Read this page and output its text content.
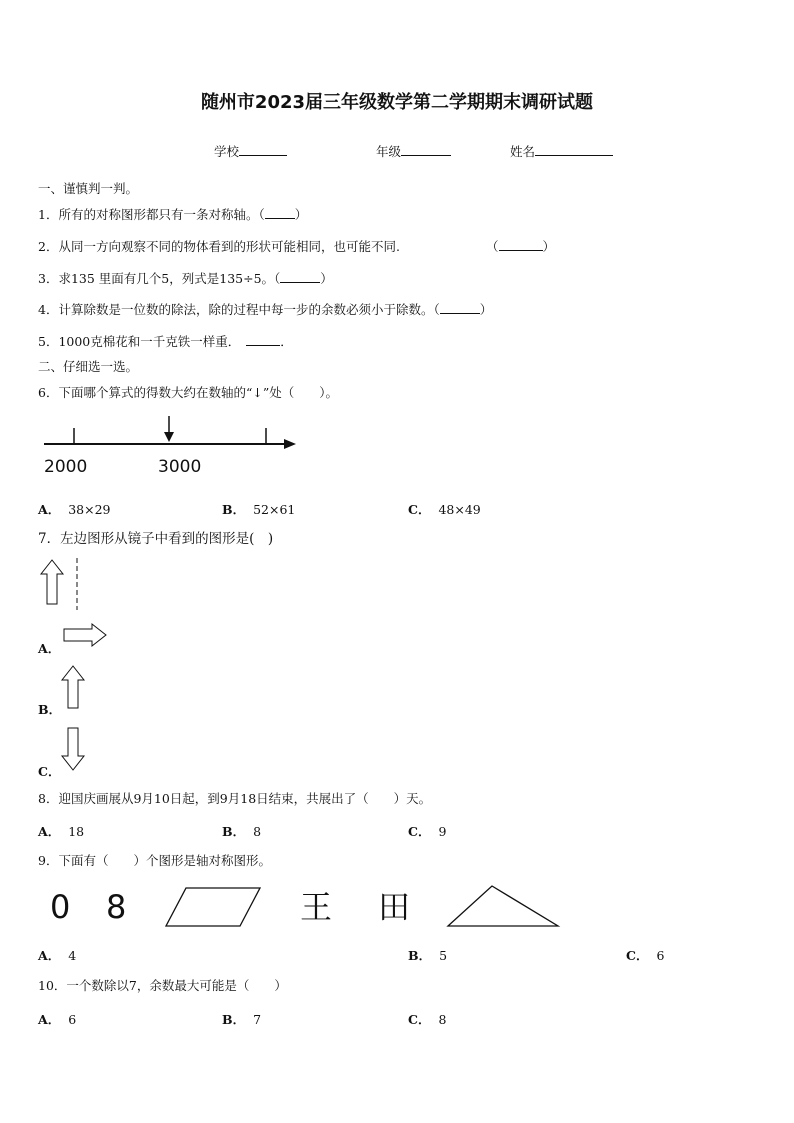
随州市2023届三年级数学第二学期期末调研试题
学校	年级	姓名
一、谨慎判一判。
1．所有的对称图形都只有一条对称轴。（ ）
2．从同一方向观察不同的物体看到的形状可能相同，也可能不同.	（	）
3．求135 里面有几个5，列式是135÷5。（	）
4．计算除数是一位数的除法，除的过程中每一步的余数必须小于除数。（	）
5．1000克棉花和一千克铁一样重．	．
二、仔细选一选。
6．下面哪个算式的得数大约在数轴的“↓”处（　　）。
2000	3000
A． 38×29	B． 52×61	C． 48×49
7．左边图形从镜子中看到的图形是(　)
A．
B．
C．
8．迎国庆画展从9月10日起，到9月18日结束，共展出了（　　）天。
A． 18	B． 8	C． 9
9．下面有（　　）个图形是轴对称图形。
0 8	王 田
A． 4	B． 5	C． 6
10．一个数除以7，余数最大可能是（　　）
A． 6	B． 7	C． 8
